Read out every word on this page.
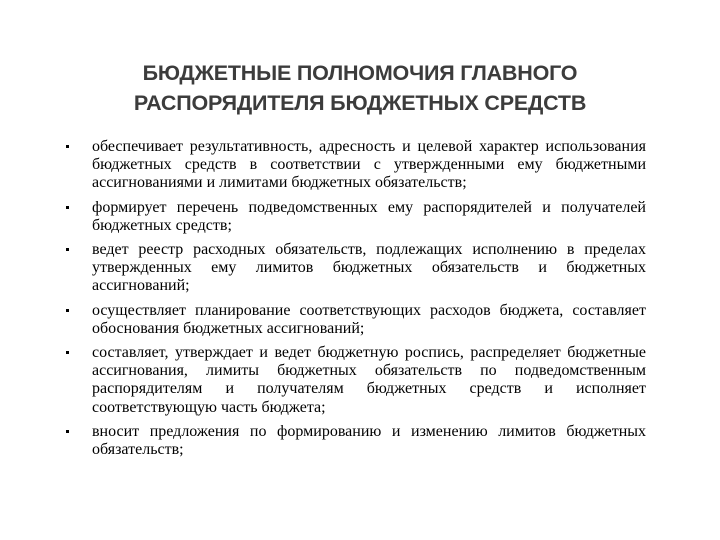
БЮДЖЕТНЫЕ ПОЛНОМОЧИЯ ГЛАВНОГО
РАСПОРЯДИТЕЛЯ БЮДЖЕТНЫХ СРЕДСТВ
обеспечивает результативность, адресность и целевой характер использования бюджетных средств в соответствии с утвержденными ему бюджетными ассигнованиями и лимитами бюджетных обязательств;
формирует перечень подведомственных ему распорядителей и получателей бюджетных средств;
ведет реестр расходных обязательств, подлежащих исполнению в пределах утвержденных ему лимитов бюджетных обязательств и бюджетных ассигнований;
осуществляет планирование соответствующих расходов бюджета, составляет обоснования бюджетных ассигнований;
составляет, утверждает и ведет бюджетную роспись, распределяет бюджетные ассигнования, лимиты бюджетных обязательств по подведомственным распорядителям и получателям бюджетных средств и исполняет соответствующую часть бюджета;
вносит предложения по формированию и изменению лимитов бюджетных обязательств;
